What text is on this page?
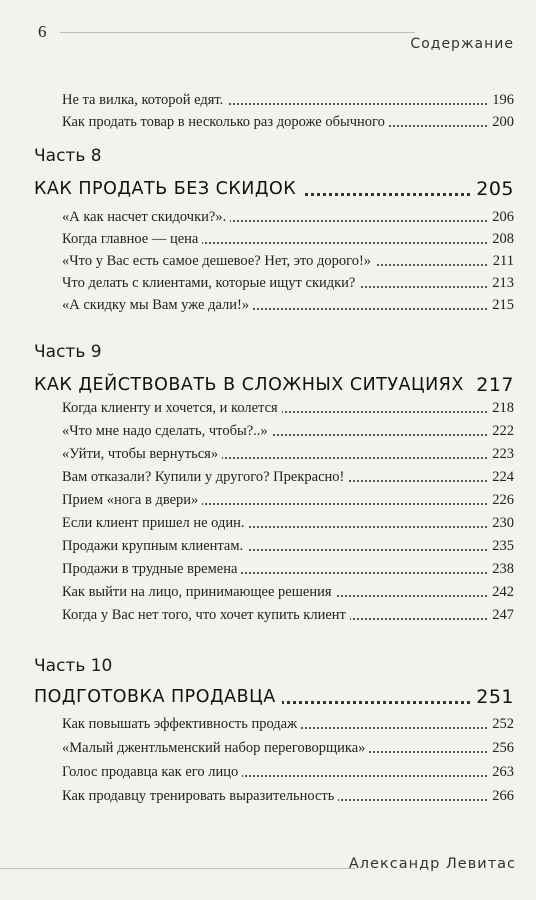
6
Содержание
Не та вилка, которой едят.	196
Как продать товар в несколько раз дороже обычного	200
Часть 8
КАК ПРОДАТЬ БЕЗ СКИДОК	205
«А как насчет скидочки?».	206
Когда главное — цена	208
«Что у Вас есть самое дешевое? Нет, это дорого!»	211
Что делать с клиентами, которые ищут скидки?	213
«А скидку мы Вам уже дали!»	215
Часть 9
КАК ДЕЙСТВОВАТЬ В СЛОЖНЫХ СИТУАЦИЯХ 217
Когда клиенту и хочется, и колется	218
«Что мне надо сделать, чтобы?..»	222
«Уйти, чтобы вернуться»	223
Вам отказали? Купили у другого? Прекрасно!	224
Прием «нога в двери»	226
Если клиент пришел не один.	230
Продажи крупным клиентам.	235
Продажи в трудные времена	238
Как выйти на лицо, принимающее решения	242
Когда у Вас нет того, что хочет купить клиент	247
Часть 10
ПОДГОТОВКА ПРОДАВЦА	251
Как повышать эффективность продаж	252
«Малый джентльменский набор переговорщика»	256
Голос продавца как его лицо	263
Как продавцу тренировать выразительность	266
Александр Левитас
